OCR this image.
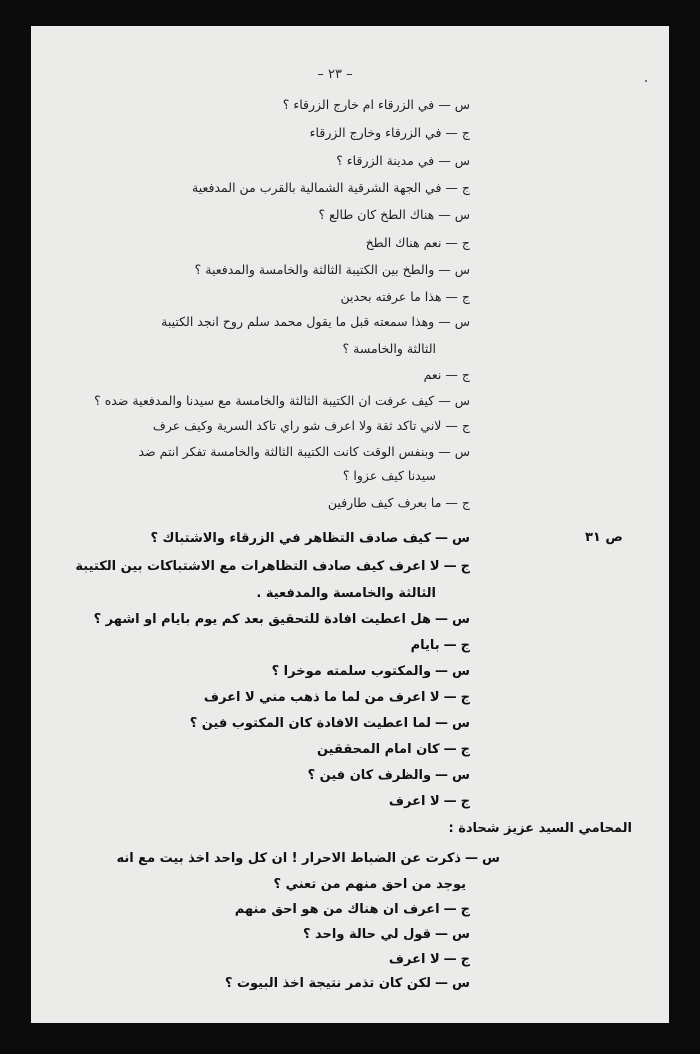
– ٢٣ –
ص ٣١
س—في الزرقاء ام خارج الزرقاء ؟
ج—في الزرقاء وخارج الزرقاء
س—في مدينة الزرقاء ؟
ج—في الجهة الشرقية الشمالية بالقرب من المدفعية
س—هناك الطخ كان طالع ؟
ج—نعم هناك الطخ
س—والطخ بين الكتيبة الثالثة والخامسة والمدفعية ؟
ج—هذا ما عرفته بحدين
س—وهذا سمعته قبل ما يقول محمد سلم روح انجد الكتيبة
الثالثة والخامسة ؟
ج—نعم
س—كيف عرفت ان الكتيبة الثالثة والخامسة مع سيدنا والمدفعية ضده ؟
ج—لاني تاكد ثقة ولا اعرف شو راي تاكد السرية وكيف عرف
س—وبنفس الوقت كانت الكتيبة الثالثة والخامسة تفكر انتم ضد
سيدنا كيف عزوا ؟
ج—ما بعرف كيف طارفين
س—كيف صادف التظاهر في الزرقاء والاشتباك ؟
ج—لا اعرف كيف صادف التظاهرات مع الاشتباكات بين الكتيبة
الثالثة والخامسة والمدفعية .
س—هل اعطيت افادة للتحقيق بعد كم يوم بايام او اشهر ؟
ج—بايام
س—والمكتوب سلمته موخرا ؟
ج—لا اعرف من لما ما ذهب مني لا اعرف
س—لما اعطيت الافادة كان المكتوب فين ؟
ج—كان امام المحققين
س—والظرف كان فين ؟
ج—لا اعرف
المحامي السيد عزيز شحادة :
س—ذكرت عن الضباط الاحرار ! ان كل واحد اخذ بيت مع انه
يوجد من احق منهم من تعني ؟
ج—اعرف ان هناك من هو احق منهم
س—قول لي حالة واحد ؟
ج—لا اعرف
س—لكن كان تذمر نتيجة اخذ البيوت ؟
